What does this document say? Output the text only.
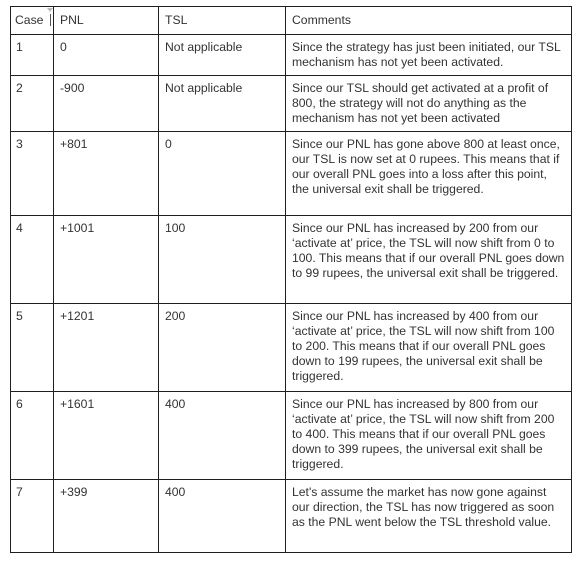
Case	PNL	TSL	Comments
1	0	Not applicable	Since the strategy has just been initiated, our TSL mechanism has not yet been activated.
2	-900	Not applicable	Since our TSL should get activated at a profit of 800, the strategy will not do anything as the mechanism has not yet been activated
3	+801	0	Since our PNL has gone above 800 at least once, our TSL is now set at 0 rupees. This means that if our overall PNL goes into a loss after this point, the universal exit shall be triggered.
4	+1001	100	Since our PNL has increased by 200 from our ‘activate at’ price, the TSL will now shift from 0 to 100. This means that if our overall PNL goes down to 99 rupees, the universal exit shall be triggered.
5	+1201	200	Since our PNL has increased by 400 from our ‘activate at’ price, the TSL will now shift from 100 to 200. This means that if our overall PNL goes down to 199 rupees, the universal exit shall be triggered.
6	+1601	400	Since our PNL has increased by 800 from our ‘activate at’ price, the TSL will now shift from 200 to 400. This means that if our overall PNL goes down to 399 rupees, the universal exit shall be triggered.
7	+399	400	Let's assume the market has now gone against our direction, the TSL has now triggered as soon as the PNL went below the TSL threshold value.
